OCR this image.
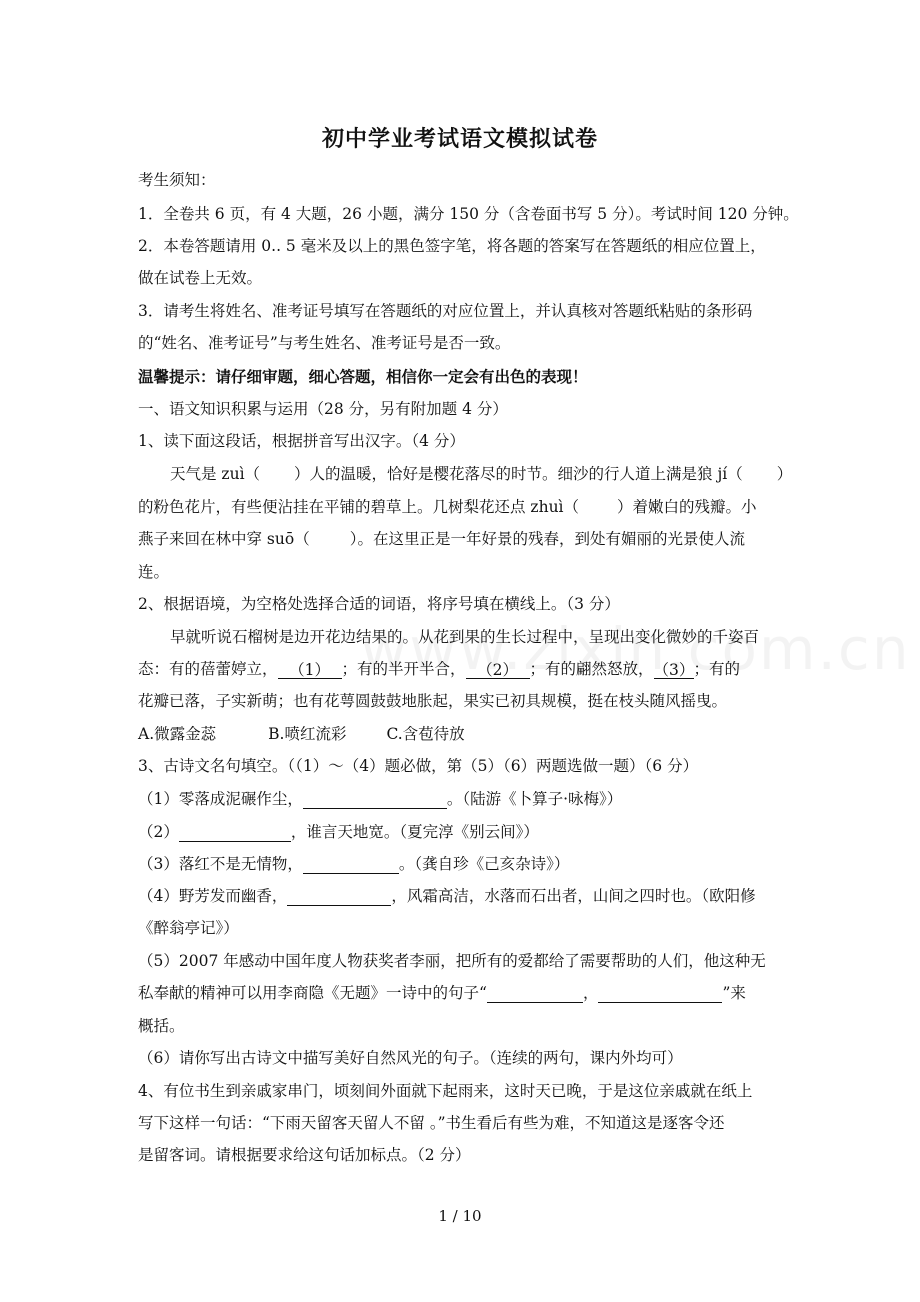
初中学业考试语文模拟试卷
考生须知：
1．全卷共 6 页，有 4 大题，26 小题，满分 150 分（含卷面书写 5 分）。考试时间 120 分钟。
2．本卷答题请用 0.. 5 毫米及以上的黑色签字笔，将各题的答案写在答题纸的相应位置上，
做在试卷上无效。
3．请考生将姓名、准考证号填写在答题纸的对应位置上，并认真核对答题纸粘贴的条形码
的“姓名、准考证号”与考生姓名、准考证号是否一致。
温馨提示：请仔细审题，细心答题，相信你一定会有出色的表现！
一、语文知识积累与运用（28 分，另有附加题 4 分）
1、读下面这段话，根据拼音写出汉字。（4 分）
天气是 zuì（ ）人的温暖，恰好是樱花落尽的时节。细沙的行人道上满是狼 jí（ ）
的粉色花片，有些便沾挂在平铺的碧草上。几树梨花还点 zhuì（ ）着嫩白的残瓣。小
燕子来回在林中穿 suō（	）。在这里正是一年好景的残春，到处有媚丽的光景使人流
连。
2、根据语境，为空格处选择合适的词语，将序号填在横线上。（3 分）
早就听说石榴树是边开花边结果的。从花到果的生长过程中，呈现出变化微妙的千姿百
态：有的蓓蕾婷立， （1） ；有的半开半合， （2） ；有的翩然怒放，（3）；有的
花瓣已落，子实新萌；也有花萼圆鼓鼓地胀起，果实已初具规模，挺在枝头随风摇曳。
A.微露金蕊	B.喷红流彩	C.含苞待放
3、古诗文名句填空。（（1）～（4）题必做，第（5）（6）两题选做一题）（6 分）
（1）零落成泥碾作尘，	。（陆游《卜算子·咏梅》）
（2）	，谁言天地宽。（夏完淳《别云间》）
（3）落红不是无情物，	。（龚自珍《己亥杂诗》）
（4）野芳发而幽香，	，风霜高洁，水落而石出者，山间之四时也。（欧阳修
《醉翁亭记》）
（5）2007 年感动中国年度人物获奖者李丽，把所有的爱都给了需要帮助的人们，他这种无
私奉献的精神可以用李商隐《无题》一诗中的句子“	，	”来
概括。
（6）请你写出古诗文中描写美好自然风光的句子。（连续的两句，课内外均可）
4、有位书生到亲戚家串门，顷刻间外面就下起雨来，这时天已晚，于是这位亲戚就在纸上
写下这样一句话：“下雨天留客天留人不留 。”书生看后有些为难，不知道这是逐客令还
是留客词。请根据要求给这句话加标点。（2 分）
1 / 10
